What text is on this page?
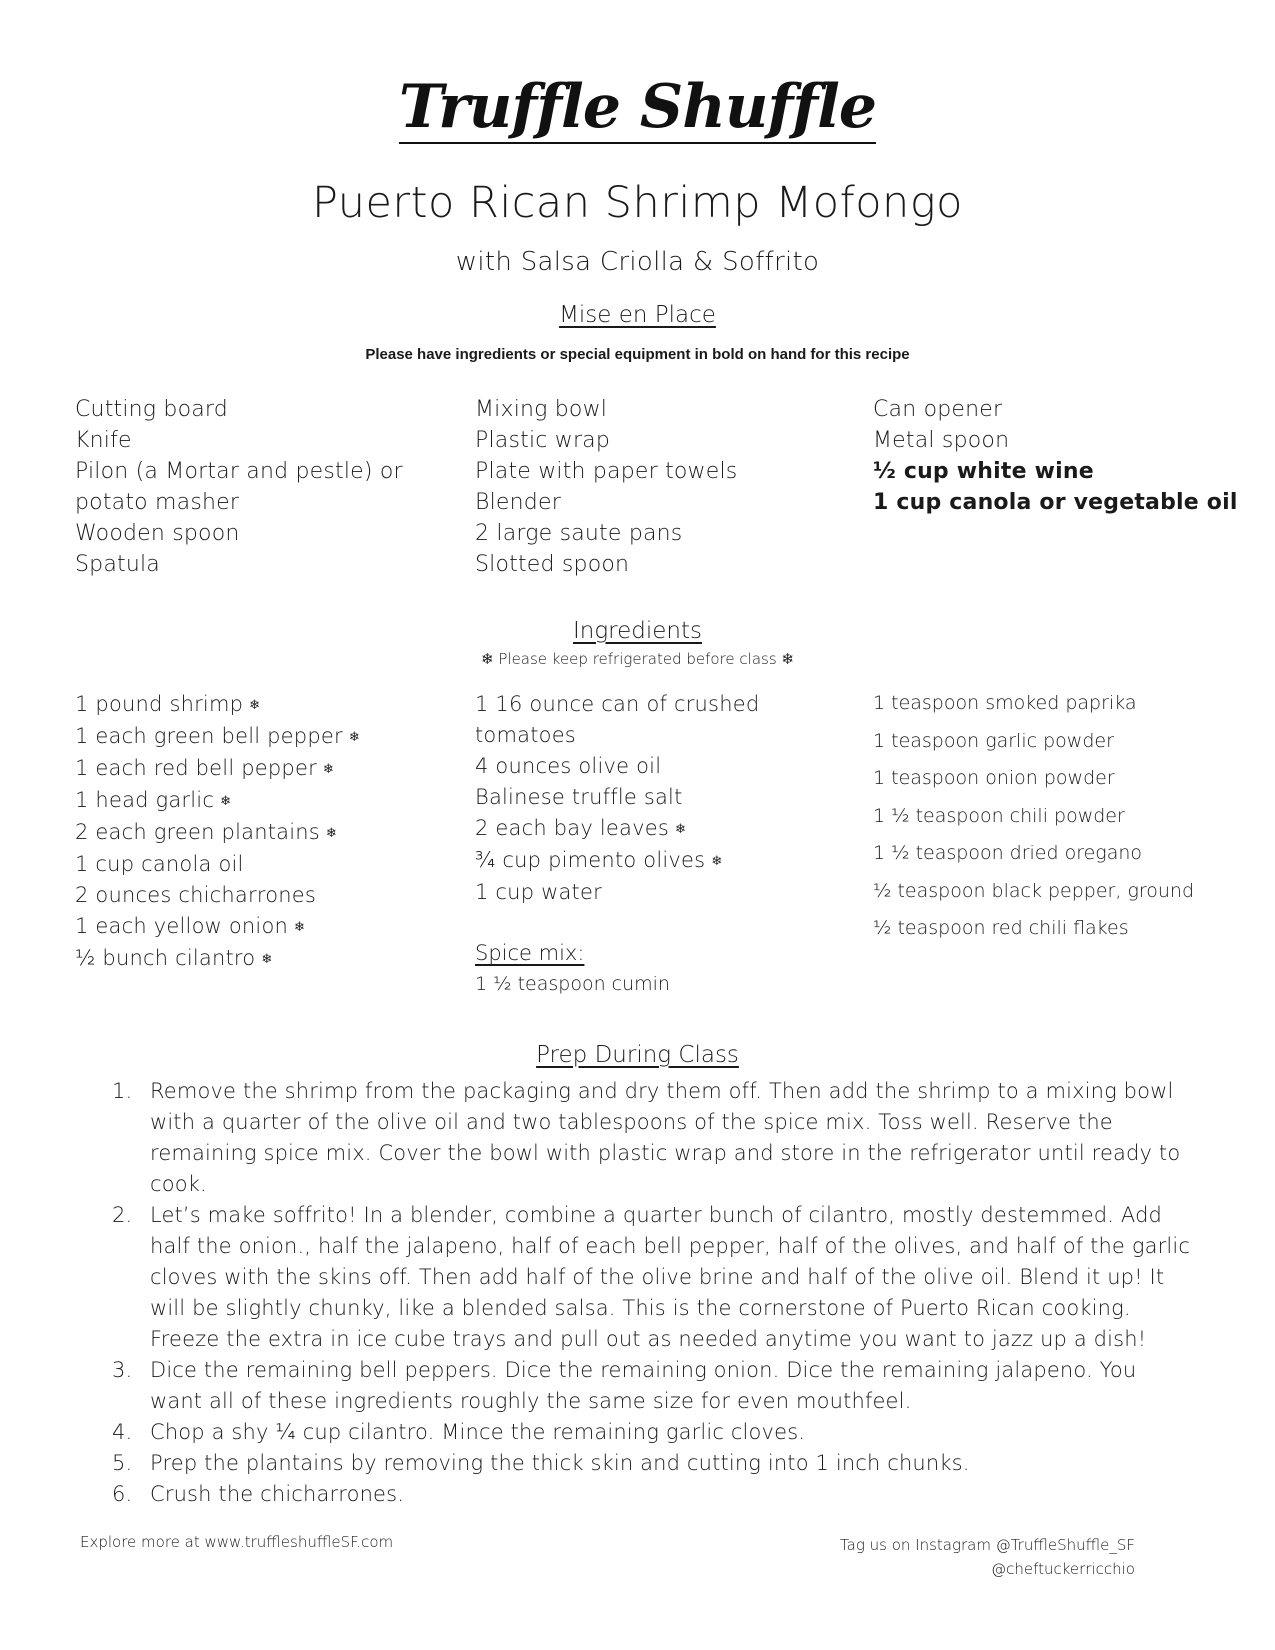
Truffle Shuffle
Puerto Rican Shrimp Mofongo
with Salsa Criolla & Soffrito
Mise en Place
Please have ingredients or special equipment in bold on hand for this recipe
Cutting board
Knife
Pilon (a Mortar and pestle) or
potato masher
Wooden spoon
Spatula
Mixing bowl
Plastic wrap
Plate with paper towels
Blender
2 large saute pans
Slotted spoon
Can opener
Metal spoon
½ cup white wine
1 cup canola or vegetable oil
Ingredients
❄ Please keep refrigerated before class ❄
1 pound shrimp ❄
1 each green bell pepper ❄
1 each red bell pepper ❄
1 head garlic ❄
2 each green plantains ❄
1 cup canola oil
2 ounces chicharrones
1 each yellow onion ❄
½ bunch cilantro ❄
1 16 ounce can of crushed
tomatoes
4 ounces olive oil
Balinese truffle salt
2 each bay leaves ❄
¾ cup pimento olives ❄
1 cup water
Spice mix:
1 ½ teaspoon cumin
1 teaspoon smoked paprika
1 teaspoon garlic powder
1 teaspoon onion powder
1 ½ teaspoon chili powder
1 ½ teaspoon dried oregano
½ teaspoon black pepper, ground
½ teaspoon red chili flakes
Prep During Class
1. Remove the shrimp from the packaging and dry them off. Then add the shrimp to a mixing bowl with a quarter of the olive oil and two tablespoons of the spice mix. Toss well. Reserve the remaining spice mix. Cover the bowl with plastic wrap and store in the refrigerator until ready to cook.
2. Let’s make soffrito! In a blender, combine a quarter bunch of cilantro, mostly destemmed. Add half the onion., half the jalapeno, half of each bell pepper, half of the olives, and half of the garlic cloves with the skins off. Then add half of the olive brine and half of the olive oil. Blend it up! It will be slightly chunky, like a blended salsa. This is the cornerstone of Puerto Rican cooking. Freeze the extra in ice cube trays and pull out as needed anytime you want to jazz up a dish!
3. Dice the remaining bell peppers. Dice the remaining onion. Dice the remaining jalapeno. You want all of these ingredients roughly the same size for even mouthfeel.
4. Chop a shy ¼ cup cilantro. Mince the remaining garlic cloves.
5. Prep the plantains by removing the thick skin and cutting into 1 inch chunks.
6. Crush the chicharrones.
Explore more at www.truffleshuffleSF.com	Tag us on Instagram @TruffleShuffle_SF
@cheftuckerricchio
